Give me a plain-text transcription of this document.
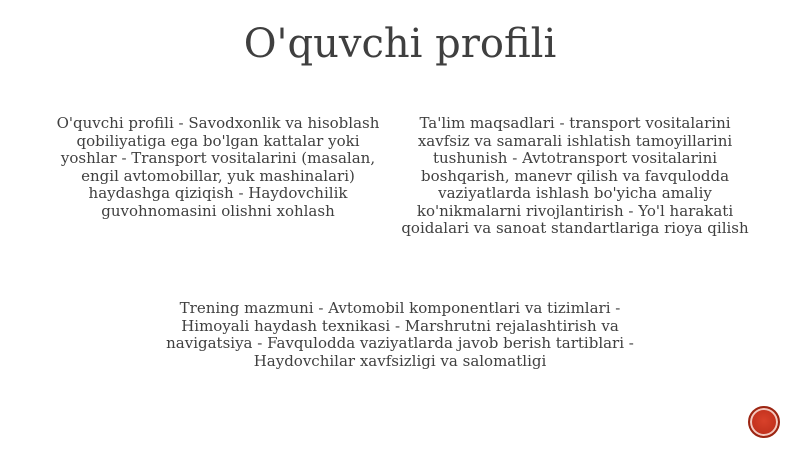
O'quvchi profili

O'quvchi profili - Savodxonlik va hisoblash qobiliyatiga ega bo'lgan kattalar yoki yoshlar - Transport vositalarini (masalan, engil avtomobillar, yuk mashinalari) haydashga qiziqish - Haydovchilik guvohnomasini olishni xohlash

Ta'lim maqsadlari - transport vositalarini xavfsiz va samarali ishlatish tamoyillarini tushunish - Avtotransport vositalarini boshqarish, manevr qilish va favqulodda vaziyatlarda ishlash bo'yicha amaliy ko'nikmalarni rivojlantirish - Yo'l harakati qoidalari va sanoat standartlariga rioya qilish

Trening mazmuni - Avtomobil komponentlari va tizimlari - Himoyali haydash texnikasi - Marshrutni rejalashtirish va navigatsiya - Favqulodda vaziyatlarda javob berish tartiblari - Haydovchilar xavfsizligi va salomatligi
